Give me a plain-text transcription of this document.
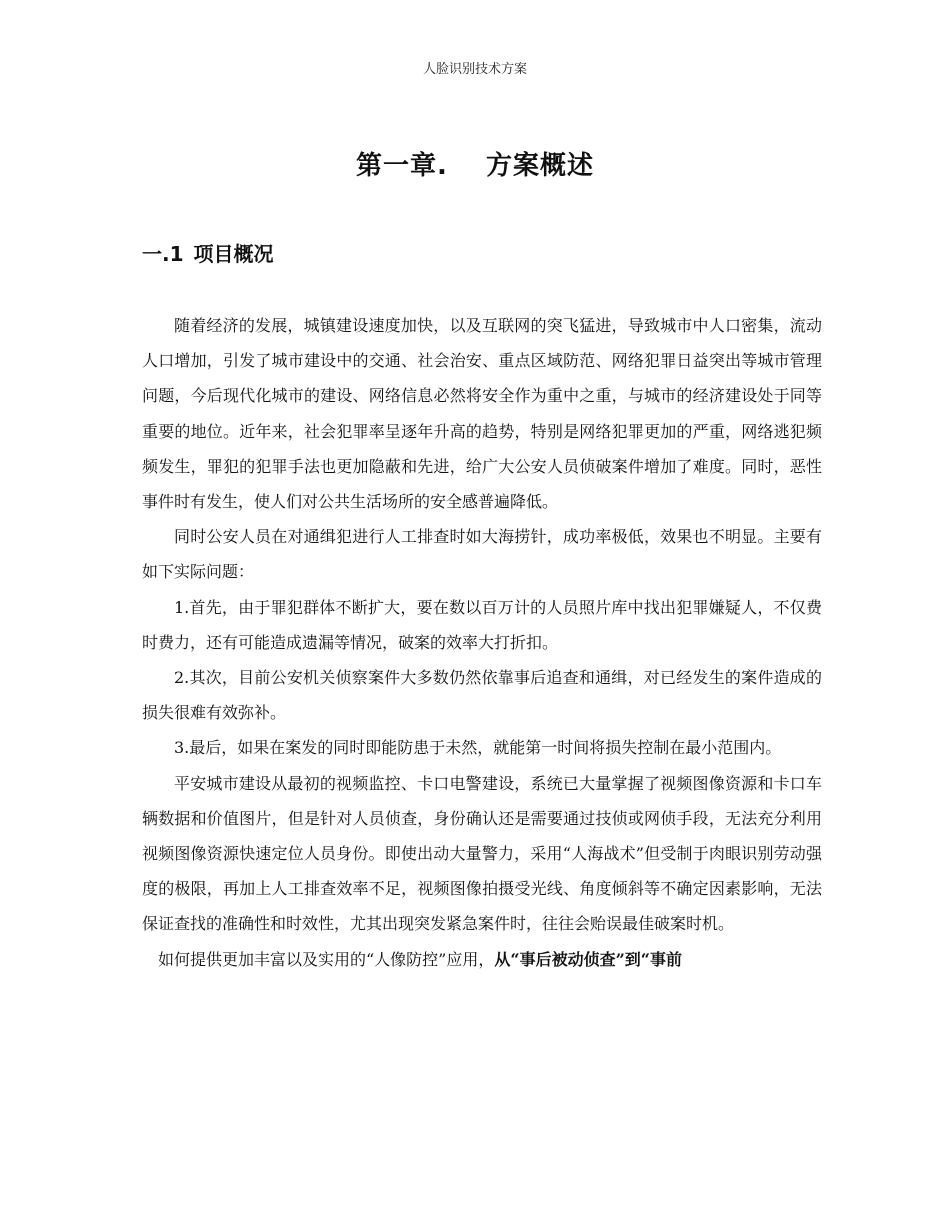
人脸识别技术方案
第一章. 方案概述
一.1 项目概况

随着经济的发展，城镇建设速度加快，以及互联网的突飞猛进，导致城市中人口密集，流动人口增加，引发了城市建设中的交通、社会治安、重点区域防范、网络犯罪日益突出等城市管理问题，今后现代化城市的建设、网络信息必然将安全作为重中之重，与城市的经济建设处于同等重要的地位。近年来，社会犯罪率呈逐年升高的趋势，特别是网络犯罪更加的严重，网络逃犯频频发生，罪犯的犯罪手法也更加隐蔽和先进，给广大公安人员侦破案件增加了难度。同时，恶性事件时有发生，使人们对公共生活场所的安全感普遍降低。

同时公安人员在对通缉犯进行人工排查时如大海捞针，成功率极低，效果也不明显。主要有如下实际问题：

1.首先，由于罪犯群体不断扩大，要在数以百万计的人员照片库中找出犯罪嫌疑人，不仅费时费力，还有可能造成遗漏等情况，破案的效率大打折扣。

2.其次，目前公安机关侦察案件大多数仍然依靠事后追查和通缉，对已经发生的案件造成的损失很难有效弥补。

3.最后，如果在案发的同时即能防患于未然，就能第一时间将损失控制在最小范围内。

平安城市建设从最初的视频监控、卡口电警建设，系统已大量掌握了视频图像资源和卡口车辆数据和价值图片，但是针对人员侦查，身份确认还是需要通过技侦或网侦手段，无法充分利用视频图像资源快速定位人员身份。即使出动大量警力，采用“人海战术”但受制于肉眼识别劳动强度的极限，再加上人工排查效率不足，视频图像拍摄受光线、角度倾斜等不确定因素影响，无法保证查找的准确性和时效性，尤其出现突发紧急案件时，往往会贻误最佳破案时机。

如何提供更加丰富以及实用的“人像防控”应用，从“事后被动侦查”到“事前
